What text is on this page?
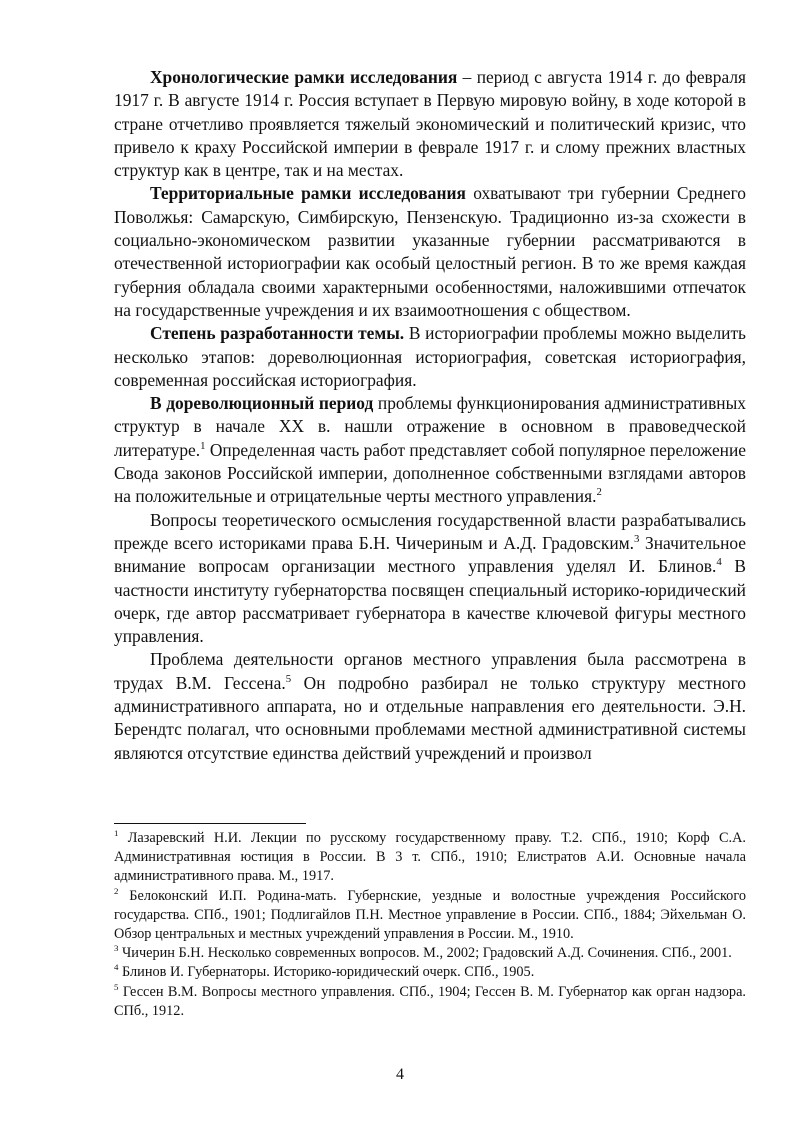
Хронологические рамки исследования – период с августа 1914 г. до февраля 1917 г. В августе 1914 г. Россия вступает в Первую мировую войну, в ходе которой в стране отчетливо проявляется тяжелый экономический и политический кризис, что привело к краху Российской империи в феврале 1917 г. и слому прежних властных структур как в центре, так и на местах.

Территориальные рамки исследования охватывают три губернии Среднего Поволжья: Самарскую, Симбирскую, Пензенскую. Традиционно из-за схожести в социально-экономическом развитии указанные губернии рассматриваются в отечественной историографии как особый целостный регион. В то же время каждая губерния обладала своими характерными особенностями, наложившими отпечаток на государственные учреждения и их взаимоотношения с обществом.

Степень разработанности темы. В историографии проблемы можно выделить несколько этапов: дореволюционная историография, советская историография, современная российская историография.

В дореволюционный период проблемы функционирования административных структур в начале XX в. нашли отражение в основном в правоведческой литературе.$^1$ Определенная часть работ представляет собой популярное переложение Свода законов Российской империи, дополненное собственными взглядами авторов на положительные и отрицательные черты местного управления.$^2$

Вопросы теоретического осмысления государственной власти разрабатывались прежде всего историками права Б.Н. Чичериным и А.Д. Градовским.$^3$ Значительное внимание вопросам организации местного управления уделял И. Блинов.$^4$ В частности институту губернаторства посвящен специальный историко-юридический очерк, где автор рассматривает губернатора в качестве ключевой фигуры местного управления.

Проблема деятельности органов местного управления была рассмотрена в трудах В.М. Гессена.$^5$ Он подробно разбирал не только структуру местного административного аппарата, но и отдельные направления его деятельности. Э.Н. Берендтс полагал, что основными проблемами местной административной системы являются отсутствие единства действий учреждений и произвол

$^1$ Лазаревский Н.И. Лекции по русскому государственному праву. Т.2. СПб., 1910; Корф С.А. Административная юстиция в России. В 3 т. СПб., 1910; Елистратов А.И. Основные начала административного права. М., 1917.

$^2$ Белоконский И.П. Родина-мать. Губернские, уездные и волостные учреждения Российского государства. СПб., 1901; Подлигайлов П.Н. Местное управление в России. СПб., 1884; Эйхельман О. Обзор центральных и местных учреждений управления в России. М., 1910.

$^3$ Чичерин Б.Н. Несколько современных вопросов. М., 2002; Градовский А.Д. Сочинения. СПб., 2001.

$^4$ Блинов И. Губернаторы. Историко-юридический очерк. СПб., 1905.

$^5$ Гессен В.М. Вопросы местного управления. СПб., 1904; Гессен В. М. Губернатор как орган надзора. СПб., 1912.

4
